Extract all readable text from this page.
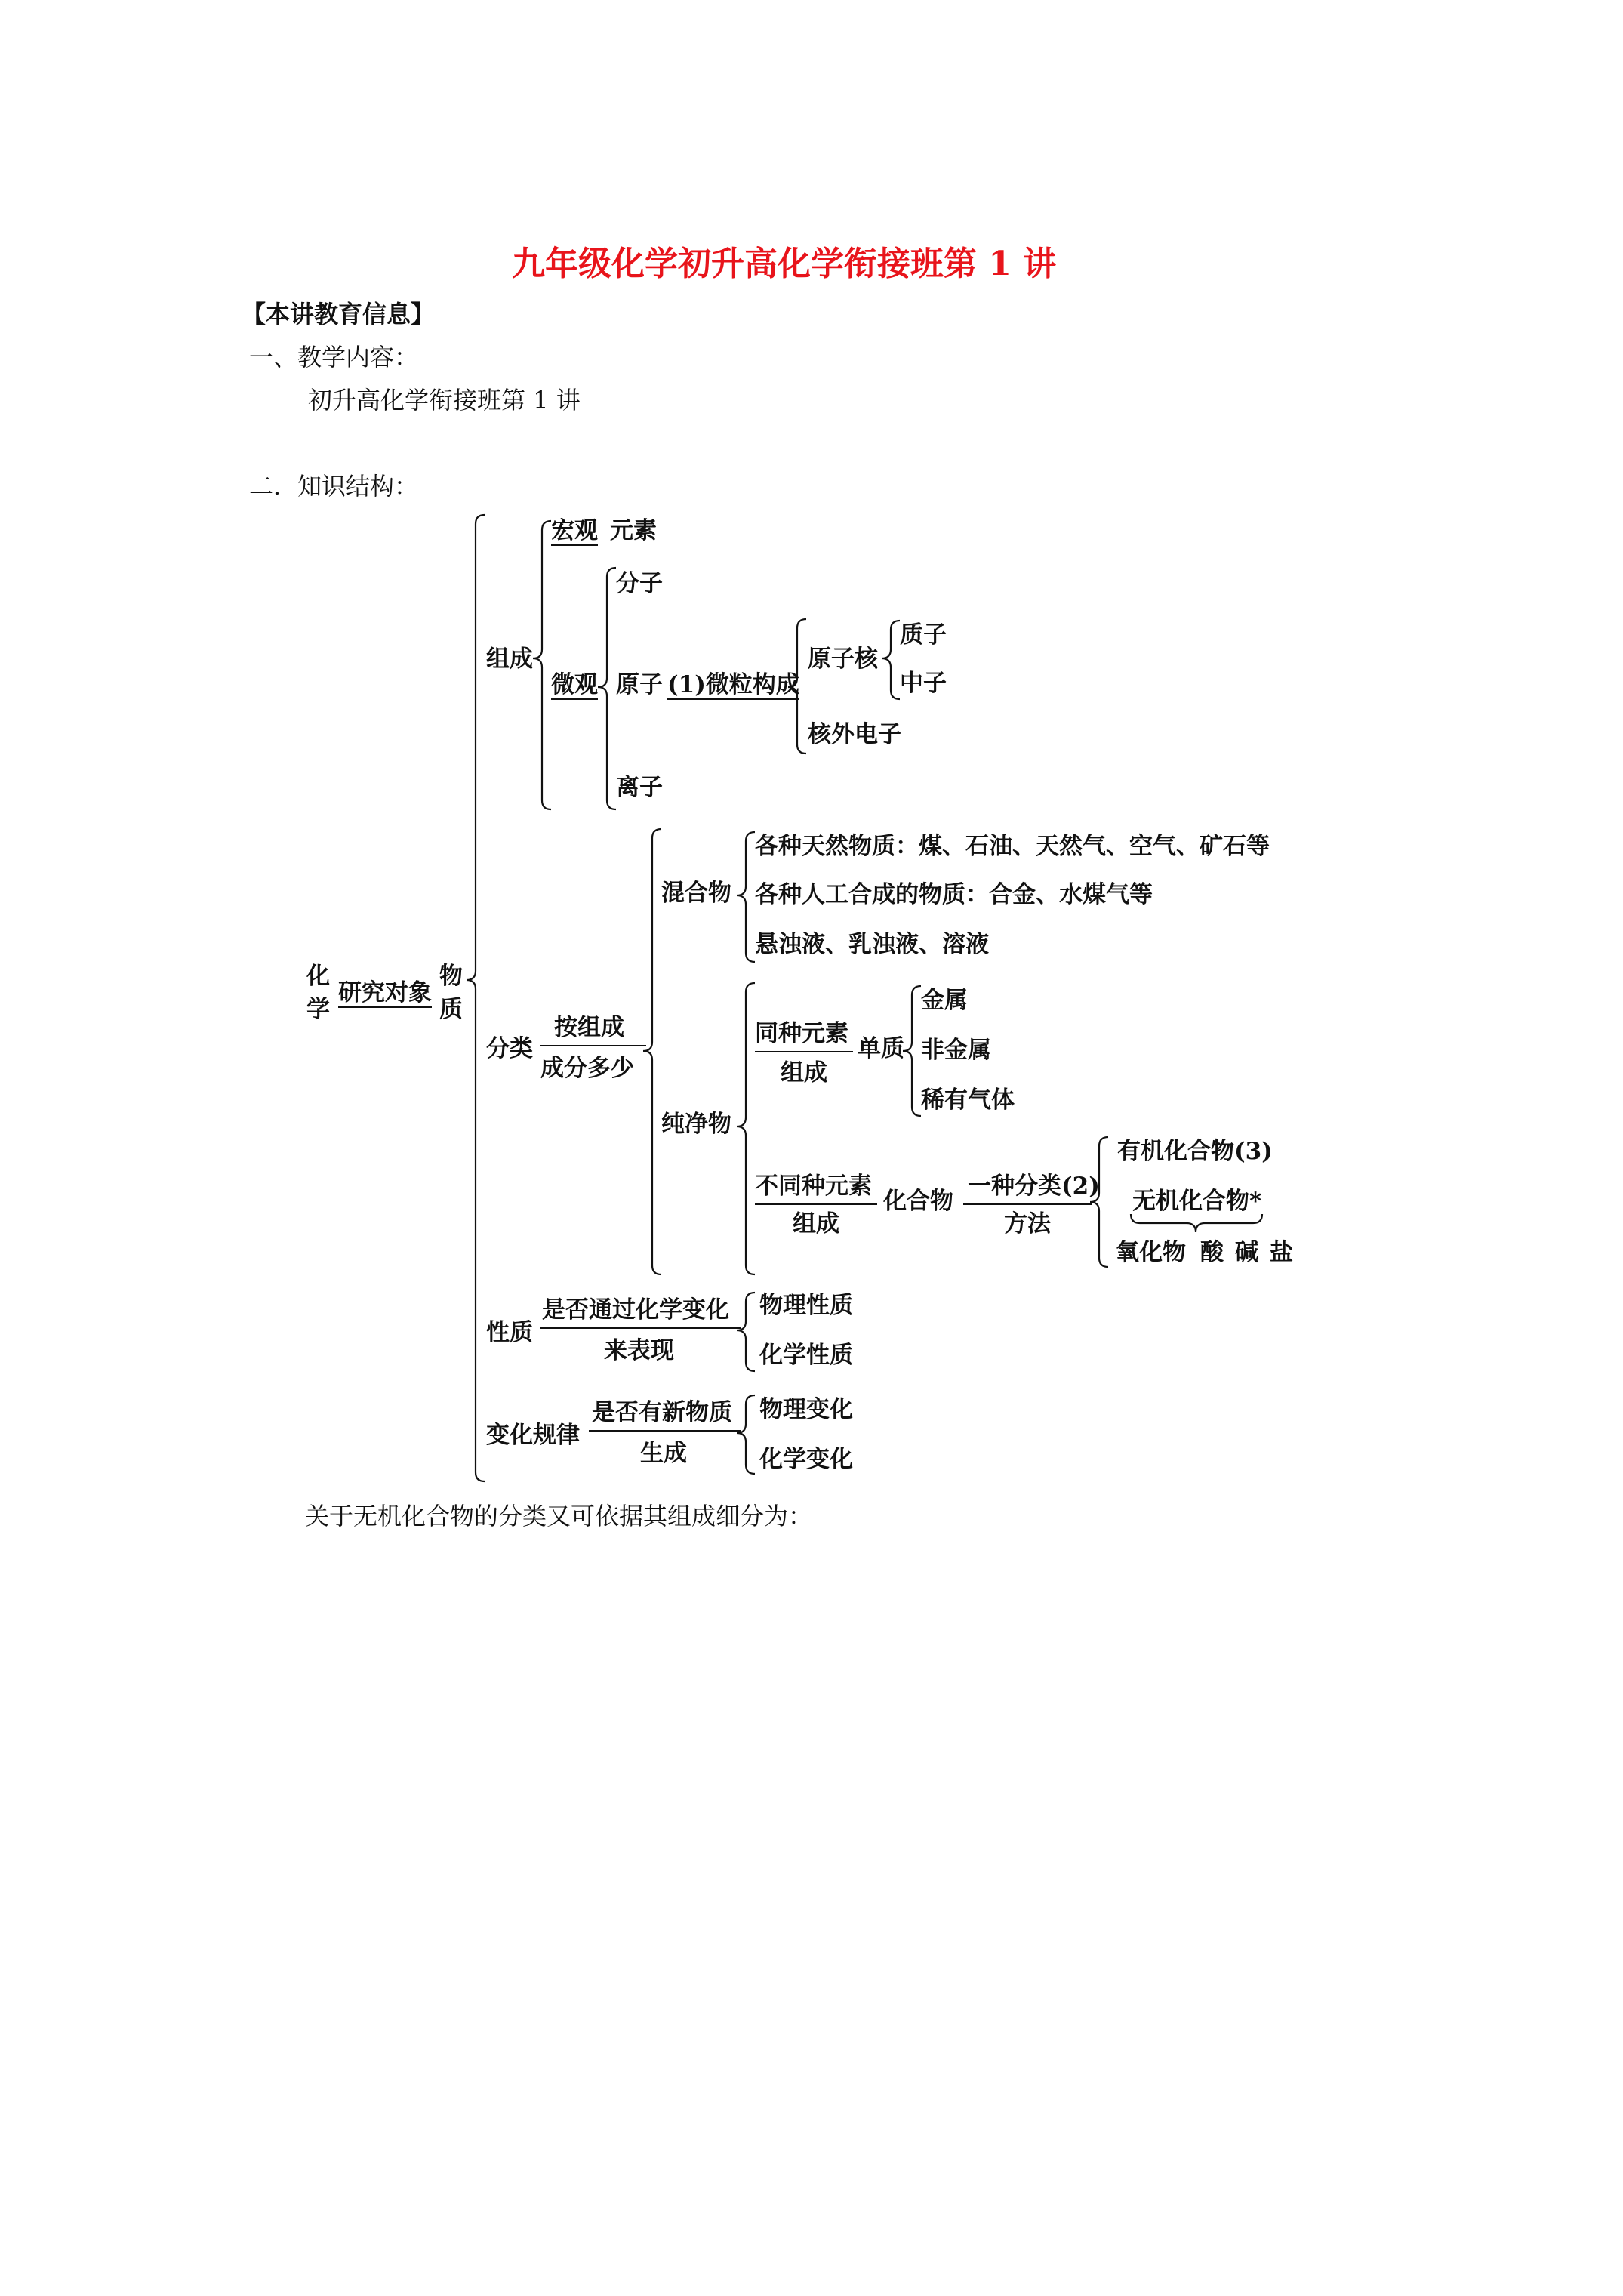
九年级化学初升高化学衔接班第 1 讲
【本讲教育信息】
一、教学内容：
初升高化学衔接班第 1 讲
二．知识结构：
化
学
研究对象
物
质
组成
宏观 元素
微观
分子
原子 (1)微粒构成
原子核
质子
中子
核外电子
离子
分类
按组成
成分多少
混合物
各种天然物质：煤、石油、天然气、空气、矿石等
各种人工合成的物质：合金、水煤气等
悬浊液、乳浊液、溶液
纯净物
同种元素
组成
单质
金属
非金属
稀有气体
不同种元素
组成
化合物
一种分类(2)
方法
有机化合物(3)
无机化合物*
氧化物 酸 碱 盐
性质
是否通过化学变化
来表现
物理性质
化学性质
变化规律
是否有新物质
生成
物理变化
化学变化
关于无机化合物的分类又可依据其组成细分为：
